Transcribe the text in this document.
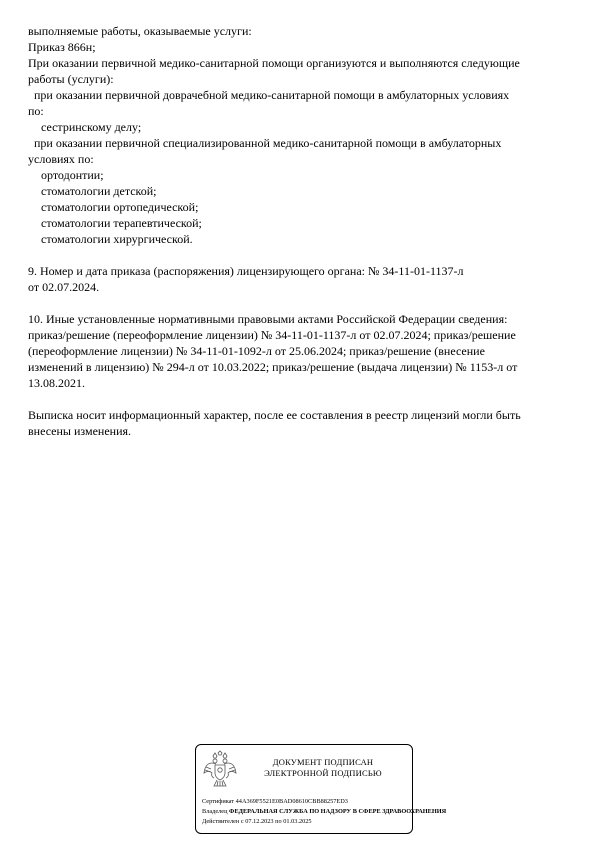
выполняемые работы, оказываемые услуги:
Приказ 866н;
При оказании первичной медико-санитарной помощи организуются и выполняются следующие
работы (услуги):
при оказании первичной доврачебной медико-санитарной помощи в амбулаторных условиях
по:
сестринскому делу;
при оказании первичной специализированной медико-санитарной помощи в амбулаторных
условиях по:
ортодонтии;
стоматологии детской;
стоматологии ортопедической;
стоматологии терапевтической;
стоматологии хирургической.
9. Номер и дата приказа (распоряжения) лицензирующего органа: № 34-11-01-1137-л
от 02.07.2024.
10. Иные установленные нормативными правовыми актами Российской Федерации сведения:
приказ/решение (переоформление лицензии) № 34-11-01-1137-л от 02.07.2024; приказ/решение
(переоформление лицензии) № 34-11-01-1092-л от 25.06.2024; приказ/решение (внесение
изменений в лицензию) № 294-л от 10.03.2022; приказ/решение (выдача лицензии) № 1153-л от
13.08.2021.
Выписка носит информационный характер, после ее составления в реестр лицензий могли быть
внесены изменения.
ДОКУМЕНТ ПОДПИСАН
ЭЛЕКТРОННОЙ ПОДПИСЬЮ
Сертификат 44A369F5521E0BAD08610CBB88257ED3
Владелец ФЕДЕРАЛЬНАЯ СЛУЖБА ПО НАДЗОРУ В СФЕРЕ ЗДРАВООХРАНЕНИЯ
Действителен с 07.12.2023 по 01.03.2025
